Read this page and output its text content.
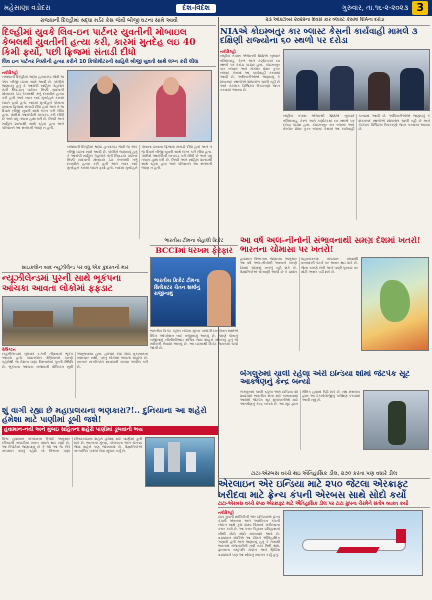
મહેસાણા વડોદરા	દેશ-વિદેશ	ગુરુવાર, તા.૧૬-૨-૨૦૨૩ 3
રાજધાની દિલ્હીમાં શ્રદ્ધા મર્ડર કેસ જેવી બીજી ઘટના સામે આવી
દિલ્હીમાં યુવકે લિવ-ઇન પાર્ટનર યુવતીની મોબાઇલ કેબલથી યુવતીની હત્યા કરી, કારમાં મુતદેહ લઇ 40 કિમી ફર્યો, પછી ફ્રિજમાં સંતાડી દીધો
લિવ ઇન પાર્ટનર નિક્કીની હત્યા કરીને 10 કિલોમીટરની સાહિલે બીજી યુવતી સાથે લગ્ન કરી લીધા
નવીદિલ્હી
રાજધાની દિલ્હીમાં શ્રદ્ધા હત્યાકાંડ જેવી જ એક બીજી ઘટના સામે આવી છે. પોલીસે જણાવ્યું હતું કે આરોપી સાહિલ ગેહલોતે તેની લિવ-ઇન પાર્ટનર નિક્કી યાદવની મોબાઇલ ડેટા કેબલથી ગળું દબાવીને હત્યા કરી હતી અને ત્યાર બાદ મૃતદેહને કારમાં લઇને ફર્યો હતો. બાદમાં મૃતદેહને પોતાના ઢાબાના ફ્રિજમાં સંતાડી દીધો હતો અને તે જ દિવસે બીજી યુવતી સાથે લગ્ન કરી લીધા હતા. પોલીસે આરોપીની ધરપકડ કરી લીધી છે અને વધુ તપાસ હાથ ધરી છે. નિક્કી અને સાહિલ ૨૦૧૮થી સાથે રહેતા હતા અને પરિવારને આ સંબંધની જાણ ન હતી.
રાજધાની દિલ્હીમાં શ્રદ્ધા હત્યાકાંડ જેવી જ એક બીજી ઘટના સામે આવી છે. પોલીસે જણાવ્યું હતું કે આરોપી સાહિલ ગેહલોતે તેની લિવ-ઇન પાર્ટનર નિક્કી યાદવની મોબાઇલ ડેટા કેબલથી ગળું દબાવીને હત્યા કરી હતી અને ત્યાર બાદ મૃતદેહને કારમાં લઇને ફર્યો હતો. બાદમાં મૃતદેહને પોતાના ઢાબાના ફ્રિજમાં સંતાડી દીધો હતો અને તે જ દિવસે બીજી યુવતી સાથે લગ્ન કરી લીધા હતા. પોલીસે આરોપીની ધરપકડ કરી લીધી છે અને વધુ તપાસ હાથ ધરી છે. નિક્કી અને સાહિલ ૨૦૧૮થી સાથે રહેતા હતા અને પરિવારને આ સંબંધની જાણ ન હતી.
૨૩ ઓક્ટોબર ૨૦૨૨ના દિવસે કાર બ્લાસ્ટ કેસમાં NIAના દરોડા
NIAએ કોઇમ્બતુર કાર બ્લાસ્ટ કેસની કાર્યવાહી મામલે ૩ દક્ષિણી રાજ્યોના ૬૦ સ્થળો પર દરોડા
નવીદિલ્હી
રાષ્ટ્રીય તપાસ એજન્સી NIAએ બુધવારે તમિલનાડુ, કેરળ અને કર્ણાટકમાં ૬૦ સ્થળો પર દરોડા પાડ્યા હતા. કોઇમ્બતુર કાર બ્લાસ્ટ અને મેંગ્લોર પ્રેશર કુકર બ્લાસ્ટ કેસમાં આ કાર્યવાહી કરવામાં આવી છે. અધિકારીઓએ જણાવ્યું કે શંકાસ્પદ સ્થળોએ શોધખોળ ચાલી રહી છે અને કેટલાક ડિજિટલ ઉપકરણો જપ્ત કરવામાં આવ્યા છે.
રાષ્ટ્રીય તપાસ એજન્સી NIAએ બુધવારે તમિલનાડુ, કેરળ અને કર્ણાટકમાં ૬૦ સ્થળો પર દરોડા પાડ્યા હતા. કોઇમ્બતુર કાર બ્લાસ્ટ અને મેંગ્લોર પ્રેશર કુકર બ્લાસ્ટ કેસમાં આ કાર્યવાહી કરવામાં આવી છે. અધિકારીઓએ જણાવ્યું કે શંકાસ્પદ સ્થળોએ શોધખોળ ચાલી રહી છે અને કેટલાક ડિજિટલ ઉપકરણો જપ્ત કરવામાં આવ્યા છે.
સાઇકલોન બાદ ન્યૂઝીલેન્ડ પર વધુ એક કુદરતનો માર
ન્યૂઝીલેન્ડમાં પુરની સાથે ભૂકંપના આંચકા આવતા લોકોમાં ફફડાટ
વેલિંગ્ટન
ન્યૂઝીલેન્ડમાં બુધવારે ૬.૧ની તીવ્રતાનો ભૂકંપ આવ્યો હતો. સાઇક્લોન ગેબ્રિયલને કારણે પહેલેથી જ દેશના ઘણા વિસ્તારોમાં પુરની સ્થિતિ છે. ભૂકંપના આંચકા રાજધાની વેલિંગ્ટન સુધી અનુભવાયા હતા. હાલમાં કોઇ મોટા નુકસાનના સમાચાર નથી, પરંતુ લોકોમાં ભયનો માહોલ છે. સરકારે નાગરિકોને સાવધાની રાખવા અપીલ કરી છે.
ભારતીય ટીમના બેહાલી ક્રિકેટ
BCCIમાં ધરખમ ફેરફાર
ભારતીય ક્રિકેટ ટીમના સિલેક્ટર ચેતન શર્માનું રાજીનામું
ભારતીય ક્રિકેટ કંટ્રોલ બોર્ડના મુખ્ય પસંદગીકાર ચેતન શર્માએ સ્ટિંગ ઓપરેશન બાદ રાજીનામું આપ્યું છે. તેમણે પોતાનું રાજીનામું બીસીસીઆઇ સચિવ જય શાહને મોકલ્યું હતું જે સ્વીકારી લેવામાં આવ્યું છે. આ ઘટનાથી ક્રિકેટ જગતમાં ચર્ચા જાગી છે.
આ વર્ષ અલ-નીનોની સંભાવનાથી સમગ્ર દેશમાં ખતરો! ભારતના ચોમાસા પર ખતરો!
હવામાન વિભાગના જણાવ્યા અનુસાર આ વર્ષે અલ-નીનોની અસરને કારણે દેશમાં ચોમાસું નબળું રહી શકે છે. વૈજ્ઞાનિકોએ ચેતવણી આપી છે કે પ્રશાંત મહાસાગરમાં તાપમાન વધવાથી વરસાદની પેટર્ન પર અસર થઇ શકે છે. જેના કારણે ખેતી અને પાણી પુરવઠા પર મોટી અસર પડી શકે છે.
બેંગલુરુમાં ચાલી રહેલા એરો ઇન્ડિયા શોમાં જેટપેક સૂટ આકર્ષણનું કેન્દ્ર બન્યો
બેંગલુરુમાં ચાલી રહેલા એરો ઇન્ડિયા શો ૨૦૨૩માં ભારતીય સેના માટે બનાવવામાં આવેલો જેટપેક સૂટ મુલાકાતીઓ માટે આકર્ષણનું કેન્દ્ર બન્યો છે. આ સૂટ દ્વારા સૈનિક હવામાં ઉડી શકે છે. રક્ષા મંત્રાલય દ્વારા આ ટેકનોલોજીનું પરીક્ષણ કરવામાં આવી રહ્યું છે.
શું વાગી રહ્યા છે મહાપ્રલયના ભણકારા?!.. દુનિયાના આ શહેરો હંમેશા માટે પાણીમાં ડૂબી જશે!
હવામાન-નવી અને મુંબઇ સહિતના શહેરો પાણીમાં ડૂબવાનો ભય
વિશ્વ હવામાન સંગઠનના રિપોર્ટ અનુસાર દરિયાની સપાટીમાં સતત વધારો થઇ રહ્યો છે. આ રિપોર્ટમાં જણાવાયું છે કે જો આ જ રીતે તાપમાન વધતું રહેશે તો વિશ્વના ઘણા દરિયાકાંઠાના શહેરો હંમેશા માટે પાણીમાં ડૂબી શકે છે. ભારતના મુંબઇ, કોલકાતા અને ચેન્નઇ જેવા શહેરો પણ જોખમમાં છે. વૈજ્ઞાનિકોએ તાત્કાલિક પગલાં લેવા સૂચન કર્યું છે.
ટાટા-એરબસ વચ્ચે થઇ ઐતિહાસિક ડીલ, ૨૭૦ કરતા પણ વધારે ડીલ
એરલાઇન એર ઇન્ડિયા માટે ૨૫૦ જેટલા એરક્રાફ્ટ ખરીદવા માટે ફ્રેન્ચ કંપની એરબસ સાથે સોદો કર્યો
ટાટા-એરબસ વચ્ચે ૨૫૦ એરક્રાફ્ટ માટે ઐતિહાસિક ડીલ પર ટાટા ગ્રુપના ચેરમેને સંતોષ વ્યક્ત કર્યો
નવીદિલ્હી
ટાટા ગ્રુપની માલિકીની એર ઇન્ડિયાએ ફ્રેન્ચ કંપની એરબસ અને અમેરિકન કંપની બોઇંગ સાથે કુલ ૪૭૦ વિમાનો ખરીદવાના કરાર કર્યા છે. આ કરાર ઉડ્ડયન ઇતિહાસનો સૌથી મોટો સોદો માનવામાં આવે છે. વડાપ્રધાન મોદીએ આ ડીલને ઐતિહાસિક ગણાવી હતી અને જણાવ્યું હતું કે તેનાથી ભારતમાં રોજગારીની નવી તકો ઉભી થશે. ફ્રાન્સના રાષ્ટ્રપતિ મેક્રોન અને બ્રિટિશ વડાપ્રધાને પણ આ સોદાનું સ્વાગત કર્યું હતું.
